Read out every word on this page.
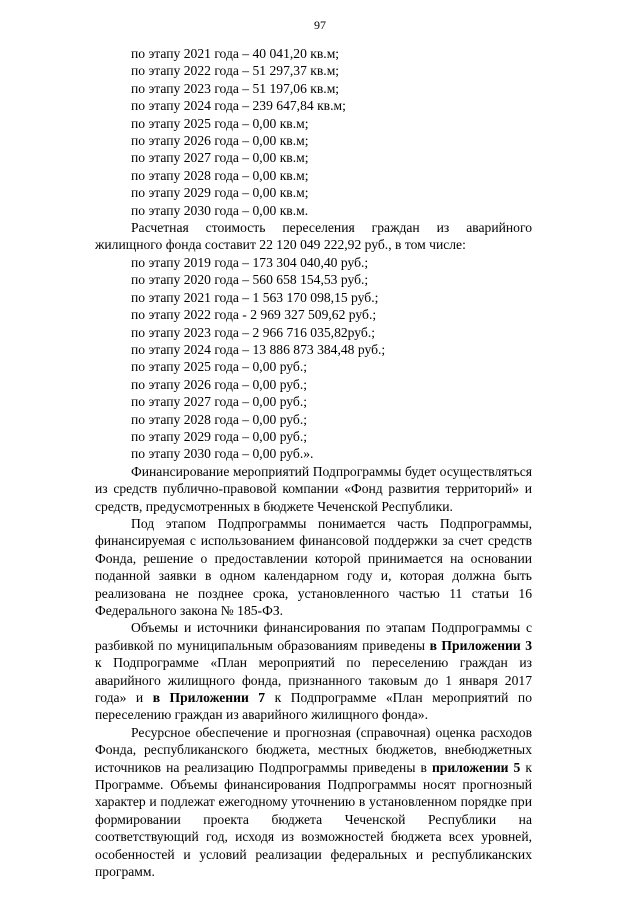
97
по этапу 2021 года – 40 041,20 кв.м;
по этапу 2022 года – 51 297,37 кв.м;
по этапу 2023 года – 51 197,06 кв.м;
по этапу 2024 года – 239 647,84 кв.м;
по этапу 2025 года – 0,00 кв.м;
по этапу 2026 года – 0,00 кв.м;
по этапу 2027 года – 0,00 кв.м;
по этапу 2028 года – 0,00 кв.м;
по этапу 2029 года – 0,00 кв.м;
по этапу 2030 года – 0,00 кв.м.

Расчетная стоимость переселения граждан из аварийного жилищного фонда составит 22 120 049 222,92 руб., в том числе:

по этапу 2019 года – 173 304 040,40 руб.;
по этапу 2020 года – 560 658 154,53 руб.;
по этапу 2021 года – 1 563 170 098,15 руб.;
по этапу 2022 года - 2 969 327 509,62 руб.;
по этапу 2023 года – 2 966 716 035,82руб.;
по этапу 2024 года – 13 886 873 384,48 руб.;
по этапу 2025 года – 0,00 руб.;
по этапу 2026 года – 0,00 руб.;
по этапу 2027 года – 0,00 руб.;
по этапу 2028 года – 0,00 руб.;
по этапу 2029 года – 0,00 руб.;
по этапу 2030 года – 0,00 руб.».

Финансирование мероприятий Подпрограммы будет осуществляться из средств публично-правовой компании «Фонд развития территорий» и средств, предусмотренных в бюджете Чеченской Республики.

Под этапом Подпрограммы понимается часть Подпрограммы, финансируемая с использованием финансовой поддержки за счет средств Фонда, решение о предоставлении которой принимается на основании поданной заявки в одном календарном году и, которая должна быть реализована не позднее срока, установленного частью 11 статьи 16 Федерального закона № 185-ФЗ.

Объемы и источники финансирования по этапам Подпрограммы с разбивкой по муниципальным образованиям приведены в Приложении 3 к Подпрограмме «План мероприятий по переселению граждан из аварийного жилищного фонда, признанного таковым до 1 января 2017 года» и в Приложении 7 к Подпрограмме «План мероприятий по переселению граждан из аварийного жилищного фонда».

Ресурсное обеспечение и прогнозная (справочная) оценка расходов Фонда, республиканского бюджета, местных бюджетов, внебюджетных источников на реализацию Подпрограммы приведены в приложении 5 к Программе. Объемы финансирования Подпрограммы носят прогнозный характер и подлежат ежегодному уточнению в установленном порядке при формировании проекта бюджета Чеченской Республики на соответствующий год, исходя из возможностей бюджета всех уровней, особенностей и условий реализации федеральных и республиканских программ.
